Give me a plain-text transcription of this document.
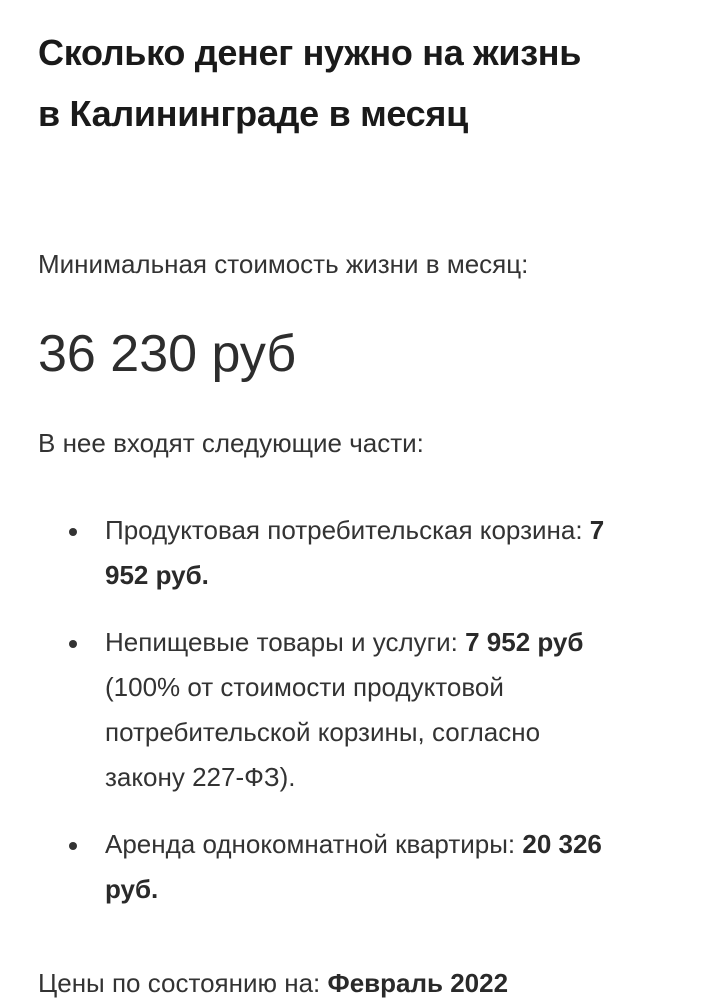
Сколько денег нужно на жизнь в Калининграде в месяц

Минимальная стоимость жизни в месяц:

36 230 руб

В нее входят следующие части:

Продуктовая потребительская корзина: 7 952 руб.
Непищевые товары и услуги: 7 952 руб (100% от стоимости продуктовой потребительской корзины, согласно закону 227-ФЗ).
Аренда однокомнатной квартиры: 20 326 руб.

Цены по состоянию на: Февраль 2022
